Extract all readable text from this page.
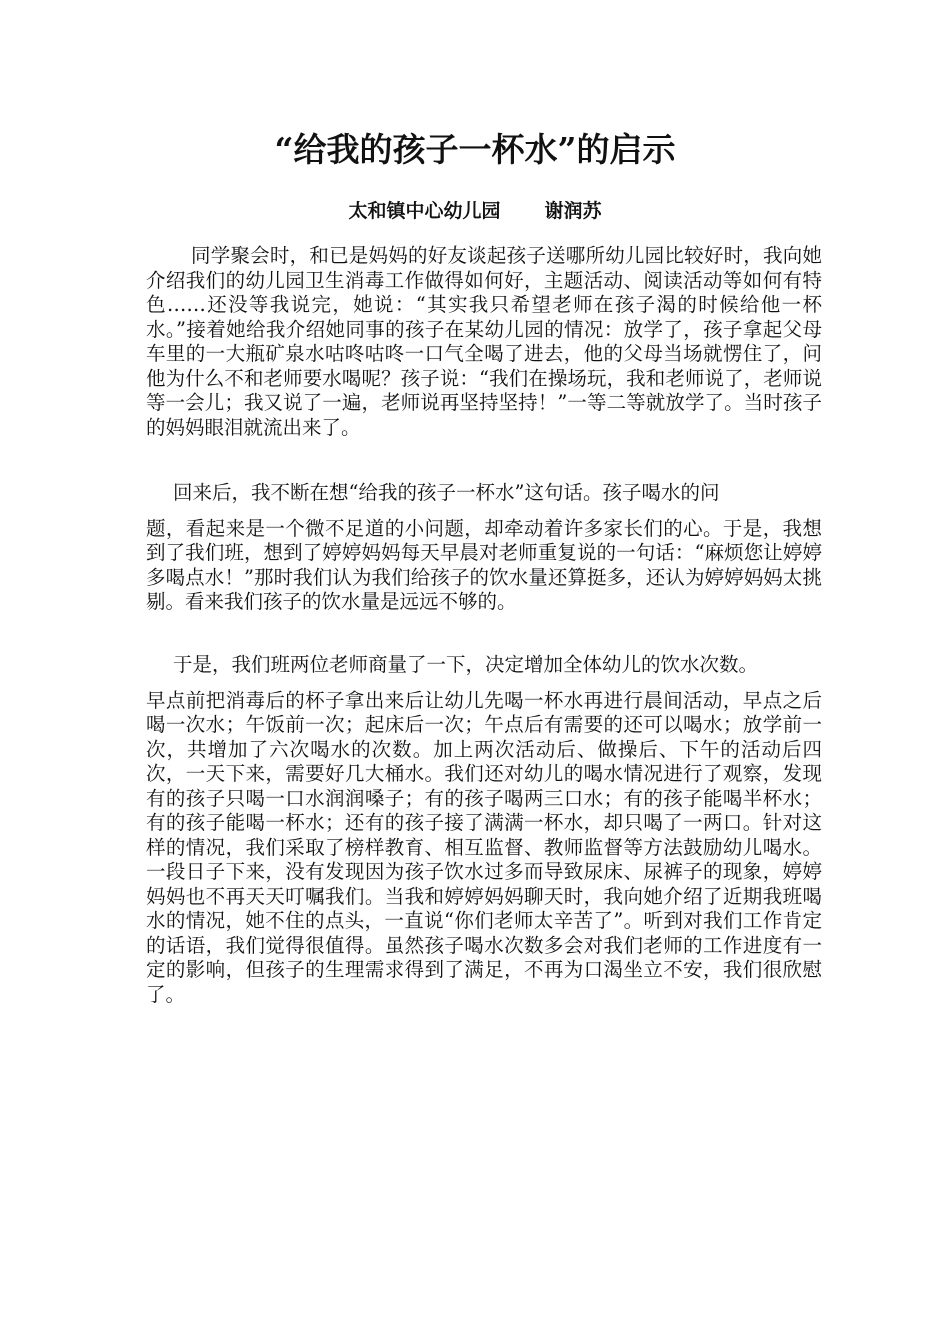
“给我的孩子一杯水”的启示
太和镇中心幼儿园 谢润苏

同学聚会时，和已是妈妈的好友谈起孩子送哪所幼儿园比较好时，我向她介绍我们的幼儿园卫生消毒工作做得如何好，主题活动、阅读活动等如何有特色……还没等我说完，她说：“其实我只希望老师在孩子渴的时候给他一杯水。”接着她给我介绍她同事的孩子在某幼儿园的情况：放学了，孩子拿起父母车里的一大瓶矿泉水咕咚咕咚一口气全喝了进去，他的父母当场就愣住了，问他为什么不和老师要水喝呢？孩子说：“我们在操场玩，我和老师说了，老师说等一会儿；我又说了一遍，老师说再坚持坚持！”一等二等就放学了。当时孩子的妈妈眼泪就流出来了。

回来后，我不断在想“给我的孩子一杯水”这句话。孩子喝水的问
题，看起来是一个微不足道的小问题，却牵动着许多家长们的心。于是，我想到了我们班，想到了婷婷妈妈每天早晨对老师重复说的一句话：“麻烦您让婷婷多喝点水！”那时我们认为我们给孩子的饮水量还算挺多，还认为婷婷妈妈太挑剔。看来我们孩子的饮水量是远远不够的。
于是，我们班两位老师商量了一下，决定增加全体幼儿的饮水次数。
早点前把消毒后的杯子拿出来后让幼儿先喝一杯水再进行晨间活动，早点之后喝一次水；午饭前一次；起床后一次；午点后有需要的还可以喝水；放学前一次，共增加了六次喝水的次数。加上两次活动后、做操后、下午的活动后四次，一天下来，需要好几大桶水。我们还对幼儿的喝水情况进行了观察，发现有的孩子只喝一口水润润嗓子；有的孩子喝两三口水；有的孩子能喝半杯水；有的孩子能喝一杯水；还有的孩子接了满满一杯水，却只喝了一两口。针对这样的情况，我们采取了榜样教育、相互监督、教师监督等方法鼓励幼儿喝水。一段日子下来，没有发现因为孩子饮水过多而导致尿床、尿裤子的现象，婷婷妈妈也不再天天叮嘱我们。当我和婷婷妈妈聊天时，我向她介绍了近期我班喝水的情况，她不住的点头，一直说“你们老师太辛苦了”。听到对我们工作肯定的话语，我们觉得很值得。虽然孩子喝水次数多会对我们老师的工作进度有一定的影响，但孩子的生理需求得到了满足，不再为口渴坐立不安，我们很欣慰了。
